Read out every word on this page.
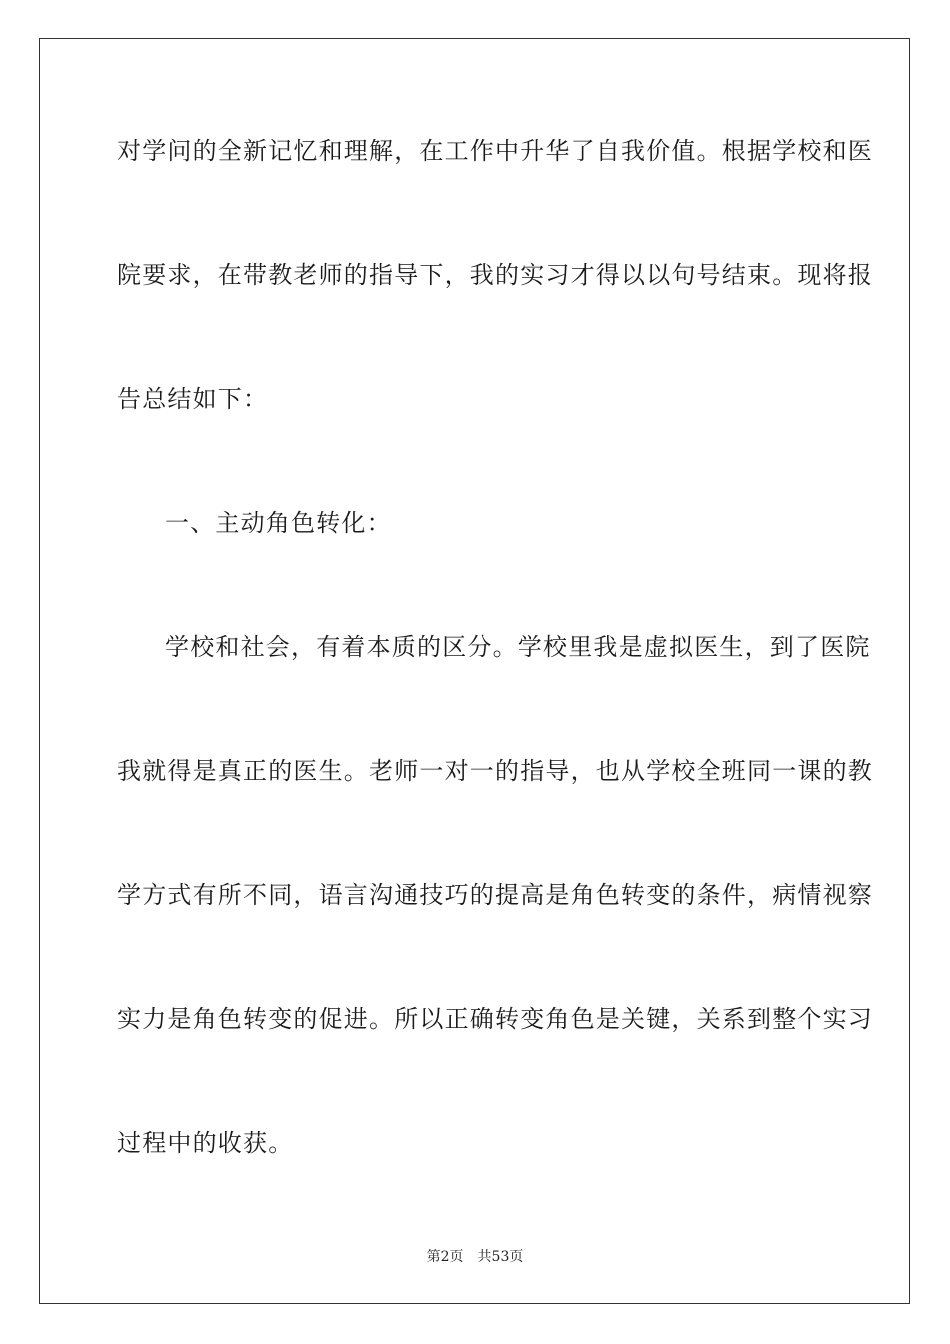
对学问的全新记忆和理解，在工作中升华了自我价值。根据学校和医
院要求，在带教老师的指导下，我的实习才得以以句号结束。现将报
告总结如下：
一、主动角色转化：
学校和社会，有着本质的区分。学校里我是虚拟医生，到了医院
我就得是真正的医生。老师一对一的指导，也从学校全班同一课的教
学方式有所不同，语言沟通技巧的提高是角色转变的条件，病情视察
实力是角色转变的促进。所以正确转变角色是关键，关系到整个实习
过程中的收获。
第2页 共53页
